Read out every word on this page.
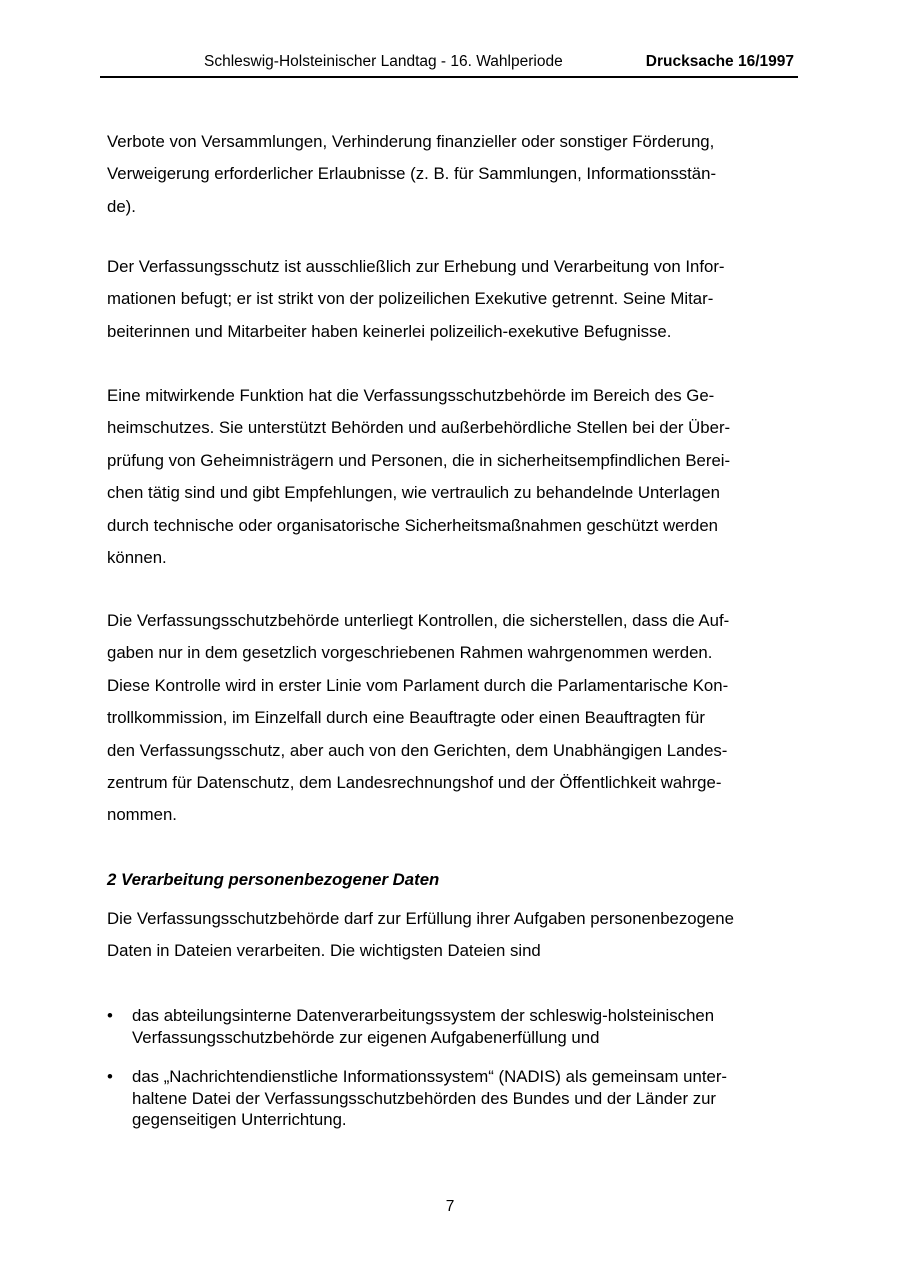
Schleswig-Holsteinischer Landtag - 16. Wahlperiode	Drucksache 16/1997

Verbote von Versammlungen, Verhinderung finanzieller oder sonstiger Förderung,
Verweigerung erforderlicher Erlaubnisse (z. B. für Sammlungen, Informationsstän-
de).

Der Verfassungsschutz ist ausschließlich zur Erhebung und Verarbeitung von Infor-
mationen befugt; er ist strikt von der polizeilichen Exekutive getrennt. Seine Mitar-
beiterinnen und Mitarbeiter haben keinerlei polizeilich-exekutive Befugnisse.

Eine mitwirkende Funktion hat die Verfassungsschutzbehörde im Bereich des Ge-
heimschutzes. Sie unterstützt Behörden und außerbehördliche Stellen bei der Über-
prüfung von Geheimnisträgern und Personen, die in sicherheitsempfindlichen Berei-
chen tätig sind und gibt Empfehlungen, wie vertraulich zu behandelnde Unterlagen
durch technische oder organisatorische Sicherheitsmaßnahmen geschützt werden
können.

Die Verfassungsschutzbehörde unterliegt Kontrollen, die sicherstellen, dass die Auf-
gaben nur in dem gesetzlich vorgeschriebenen Rahmen wahrgenommen werden.
Diese Kontrolle wird in erster Linie vom Parlament durch die Parlamentarische Kon-
trollkommission, im Einzelfall durch eine Beauftragte oder einen Beauftragten für
den Verfassungsschutz, aber auch von den Gerichten, dem Unabhängigen Landes-
zentrum für Datenschutz, dem Landesrechnungshof und der Öffentlichkeit wahrge-
nommen.

2 Verarbeitung personenbezogener Daten

Die Verfassungsschutzbehörde darf zur Erfüllung ihrer Aufgaben personenbezogene
Daten in Dateien verarbeiten. Die wichtigsten Dateien sind

• das abteilungsinterne Datenverarbeitungssystem der schleswig-holsteinischen
Verfassungsschutzbehörde zur eigenen Aufgabenerfüllung und
• das „Nachrichtendienstliche Informationssystem“ (NADIS) als gemeinsam unter-
haltene Datei der Verfassungsschutzbehörden des Bundes und der Länder zur
gegenseitigen Unterrichtung.
7
